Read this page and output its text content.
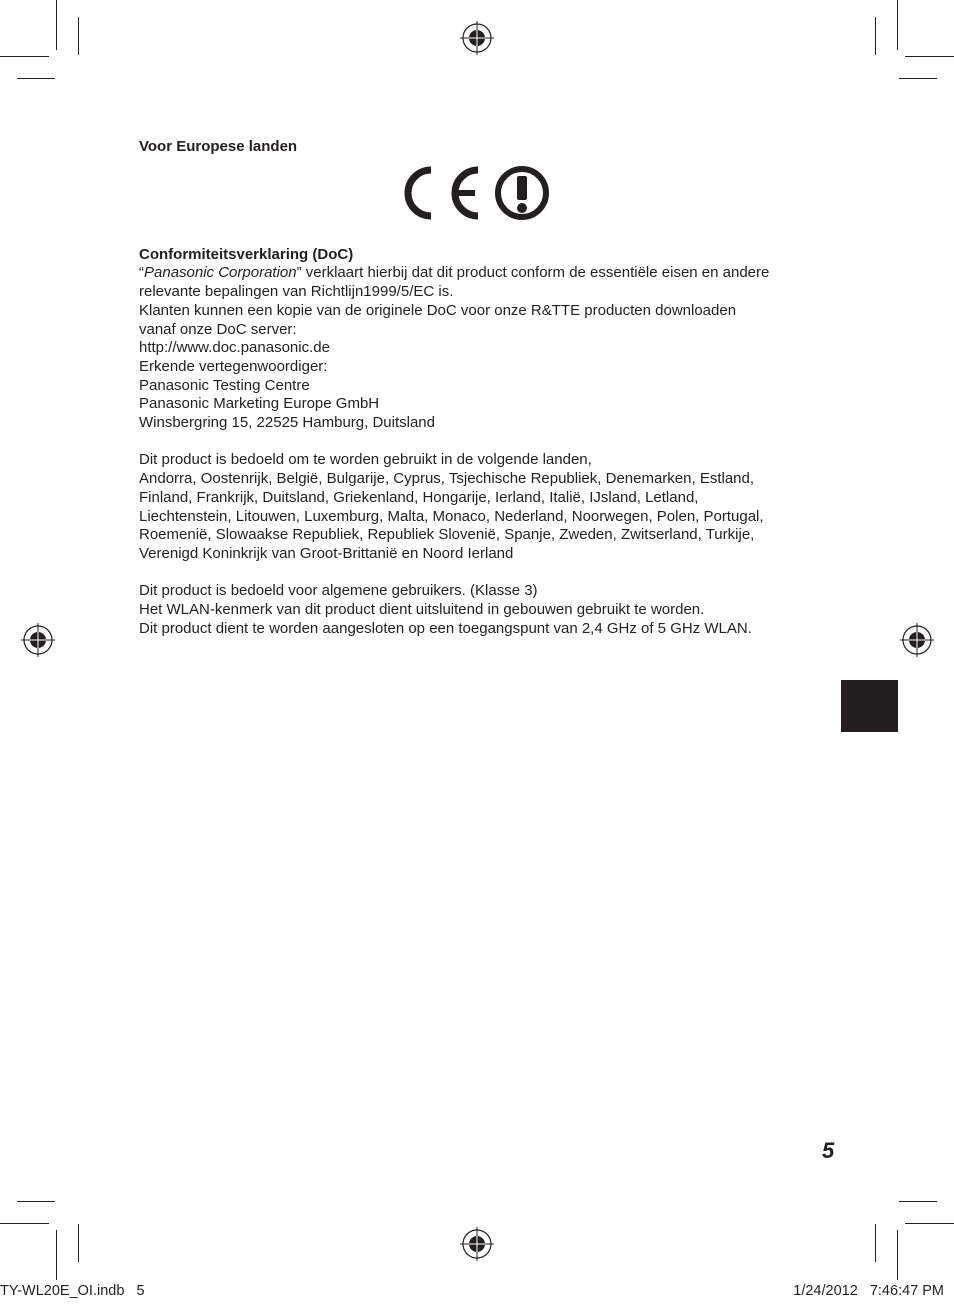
Voor Europese landen

Conformiteitsverklaring (DoC)

“Panasonic Corporation” verklaart hierbij dat dit product conform de essentiële eisen en andere

relevante bepalingen van Richtlijn1999/5/EC is.

Klanten kunnen een kopie van de originele DoC voor onze R&TTE producten downloaden

vanaf onze DoC server:

http://www.doc.panasonic.de

Erkende vertegenwoordiger:

Panasonic Testing Centre

Panasonic Marketing Europe GmbH

Winsbergring 15, 22525 Hamburg, Duitsland

Dit product is bedoeld om te worden gebruikt in de volgende landen,

Andorra, Oostenrijk, België, Bulgarije, Cyprus, Tsjechische Republiek, Denemarken, Estland,

Finland, Frankrijk, Duitsland, Griekenland, Hongarije, Ierland, Italië, IJsland, Letland,

Liechtenstein, Litouwen, Luxemburg, Malta, Monaco, Nederland, Noorwegen, Polen, Portugal,

Roemenië, Slowaakse Republiek, Republiek Slovenië, Spanje, Zweden, Zwitserland, Turkije,

Verenigd Koninkrijk van Groot-Brittanië en Noord Ierland

Dit product is bedoeld voor algemene gebruikers. (Klasse 3)

Het WLAN-kenmerk van dit product dient uitsluitend in gebouwen gebruikt te worden.

Dit product dient te worden aangesloten op een toegangspunt van 2,4 GHz of 5 GHz WLAN.

5
TY-WL20E_OI.indb   5	1/24/2012   7:46:47 PM
